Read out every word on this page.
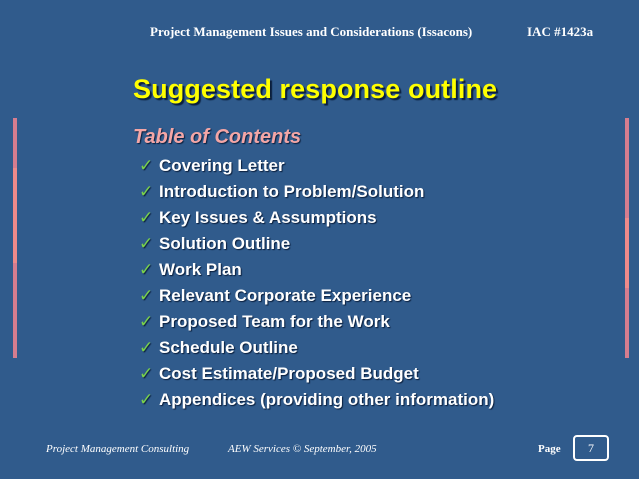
Project Management Issues and Considerations (Issacons)	IAC #1423a
Suggested response outline
Table of Contents
✓ Covering Letter
✓ Introduction to Problem/Solution
✓ Key Issues & Assumptions
✓ Solution Outline
✓ Work Plan
✓ Relevant Corporate Experience
✓ Proposed Team for the Work
✓ Schedule Outline
✓ Cost Estimate/Proposed Budget
✓ Appendices (providing other information)
Project Management Consulting	AEW Services © September, 2005	Page	7
